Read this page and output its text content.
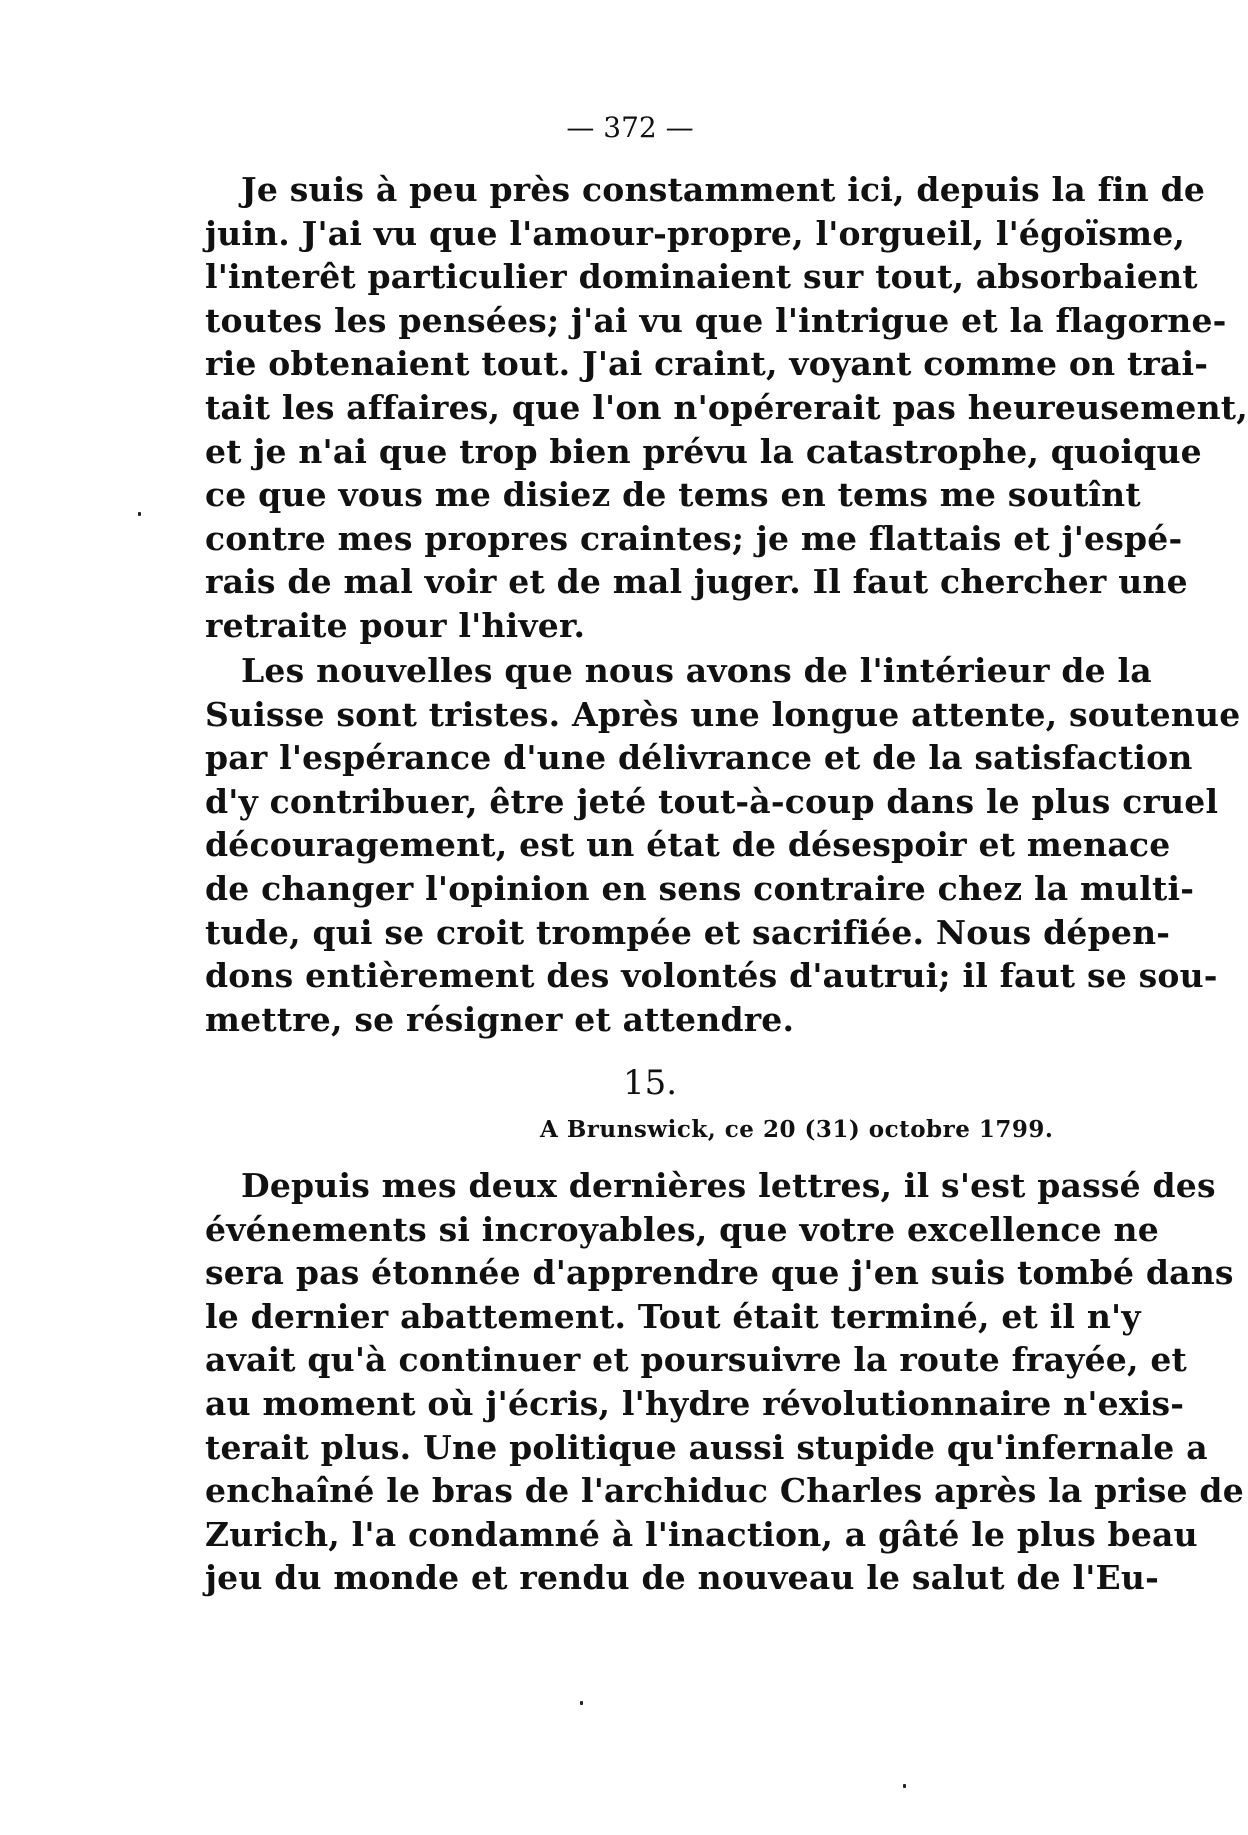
— 372 —
Je suis à peu près constamment ici, depuis la fin de
juin. J'ai vu que l'amour-propre, l'orgueil, l'égoïsme,
l'interêt particulier dominaient sur tout, absorbaient
toutes les pensées; j'ai vu que l'intrigue et la flagorne-
rie obtenaient tout. J'ai craint, voyant comme on trai-
tait les affaires, que l'on n'opérerait pas heureusement,
et je n'ai que trop bien prévu la catastrophe, quoique
ce que vous me disiez de tems en tems me soutînt
contre mes propres craintes; je me flattais et j'espé-
rais de mal voir et de mal juger. Il faut chercher une
retraite pour l'hiver.
Les nouvelles que nous avons de l'intérieur de la
Suisse sont tristes. Après une longue attente, soutenue
par l'espérance d'une délivrance et de la satisfaction
d'y contribuer, être jeté tout-à-coup dans le plus cruel
découragement, est un état de désespoir et menace
de changer l'opinion en sens contraire chez la multi-
tude, qui se croit trompée et sacrifiée. Nous dépen-
dons entièrement des volontés d'autrui; il faut se sou-
mettre, se résigner et attendre.
15.
A Brunswick, ce 20 (31) octobre 1799.
Depuis mes deux dernières lettres, il s'est passé des
événements si incroyables, que votre excellence ne
sera pas étonnée d'apprendre que j'en suis tombé dans
le dernier abattement. Tout était terminé, et il n'y
avait qu'à continuer et poursuivre la route frayée, et
au moment où j'écris, l'hydre révolutionnaire n'exis-
terait plus. Une politique aussi stupide qu'infernale a
enchaîné le bras de l'archiduc Charles après la prise de
Zurich, l'a condamné à l'inaction, a gâté le plus beau
jeu du monde et rendu de nouveau le salut de l'Eu-
